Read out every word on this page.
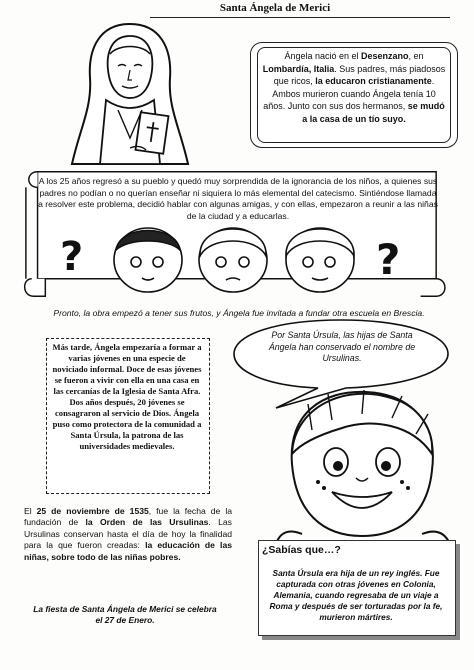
Santa Ángela de Merici
Ángela nació en el Desenzano, en Lombardía, Italia. Sus padres, más piadosos que ricos, la educaron cristianamente. Ambos murieron cuando Ángela tenía 10 años. Junto con sus dos hermanos, se mudó a la casa de un tío suyo.
A los 25 años regresó a su pueblo y quedó muy sorprendida de la ignorancia de los niños, a quienes sus padres no podían o no querían enseñar ni siquiera lo más elemental del catecismo. Sintiéndose llamada a resolver este problema, decidió hablar con algunas amigas, y con ellas, empezaron a reunir a las niñas de la ciudad y a educarlas.
?	?
Pronto, la obra empezó a tener sus frutos, y Ángela fue invitada a fundar otra escuela en Brescia.
Más tarde, Ángela empezaría a formar a varias jóvenes en una especie de noviciado informal. Doce de esas jóvenes se fueron a vivir con ella en una casa en las cercanías de la Iglesia de Santa Afra. Dos años después, 20 jóvenes se consagraron al servicio de Dios. Ángela puso como protectora de la comunidad a Santa Úrsula, la patrona de las universidades medievales.
Por Santa Úrsula, las hijas de Santa Ángela han conservado el nombre de Ursulinas.
El 25 de noviembre de 1535, fue la fecha de la fundación de la Orden de las Ursulinas. Las Ursulinas conservan hasta el día de hoy la finalidad para la que fueron creadas: la educación de las niñas, sobre todo de las niñas pobres.
La fiesta de Santa Ángela de Merici se celebra el 27 de Enero.
¿Sabías que…?
Santa Úrsula era hija de un rey inglés. Fue capturada con otras jóvenes en Colonia, Alemania, cuando regresaba de un viaje a Roma y después de ser torturadas por la fe, murieron mártires.
